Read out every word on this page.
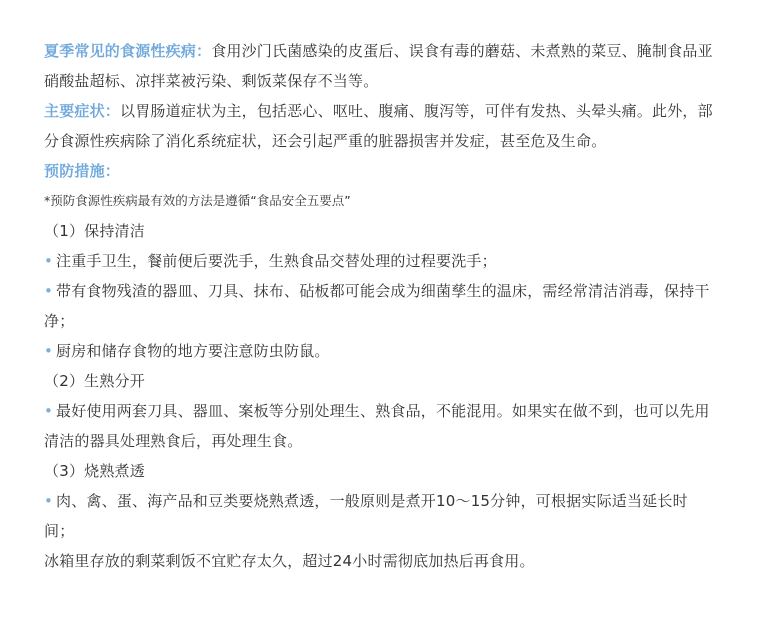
夏季常见的食源性疾病：食用沙门氏菌感染的皮蛋后、误食有毒的蘑菇、未煮熟的菜豆、腌制食品亚硝酸盐超标、凉拌菜被污染、剩饭菜保存不当等。

主要症状：以胃肠道症状为主，包括恶心、呕吐、腹痛、腹泻等，可伴有发热、头晕头痛。此外，部分食源性疾病除了消化系统症状，还会引起严重的脏器损害并发症，甚至危及生命。

预防措施：

*预防食源性疾病最有效的方法是遵循“食品安全五要点”

（1）保持清洁

• 注重手卫生，餐前便后要洗手，生熟食品交替处理的过程要洗手；

• 带有食物残渣的器皿、刀具、抹布、砧板都可能会成为细菌孳生的温床，需经常清洁消毒，保持干净；

• 厨房和储存食物的地方要注意防虫防鼠。

（2）生熟分开

• 最好使用两套刀具、器皿、案板等分别处理生、熟食品，不能混用。如果实在做不到，也可以先用清洁的器具处理熟食后，再处理生食。

（3）烧熟煮透

• 肉、禽、蛋、海产品和豆类要烧熟煮透，一般原则是煮开10～15分钟，可根据实际适当延长时间；

冰箱里存放的剩菜剩饭不宜贮存太久，超过24小时需彻底加热后再食用。
